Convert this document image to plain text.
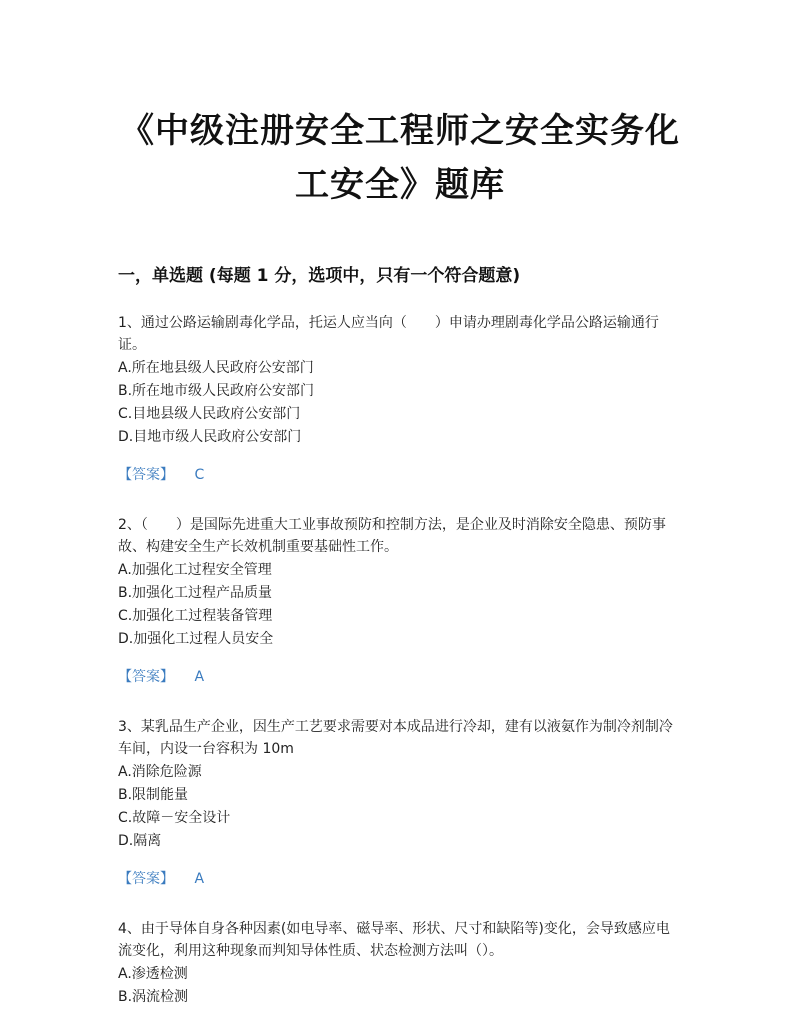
《中级注册安全工程师之安全实务化
工安全》题库
一，单选题 (每题 1 分，选项中，只有一个符合题意)

1、通过公路运输剧毒化学品，托运人应当向（　　）申请办理剧毒化学品公路运输通行证。

A.所在地县级人民政府公安部门

B.所在地市级人民政府公安部门

C.目地县级人民政府公安部门

D.目地市级人民政府公安部门

【答案】 C

2、（　　）是国际先进重大工业事故预防和控制方法，是企业及时消除安全隐患、预防事故、构建安全生产长效机制重要基础性工作。

A.加强化工过程安全管理

B.加强化工过程产品质量

C.加强化工过程装备管理

D.加强化工过程人员安全

【答案】 A

3、某乳品生产企业，因生产工艺要求需要对本成品进行冷却，建有以液氨作为制冷剂制冷车间，内设一台容积为 10m

A.消除危险源

B.限制能量

C.故障－安全设计

D.隔离

【答案】 A

4、由于导体自身各种因素(如电导率、磁导率、形状、尺寸和缺陷等)变化，会导致感应电流变化，利用这种现象而判知导体性质、状态检测方法叫（）。

A.渗透检测

B.涡流检测
